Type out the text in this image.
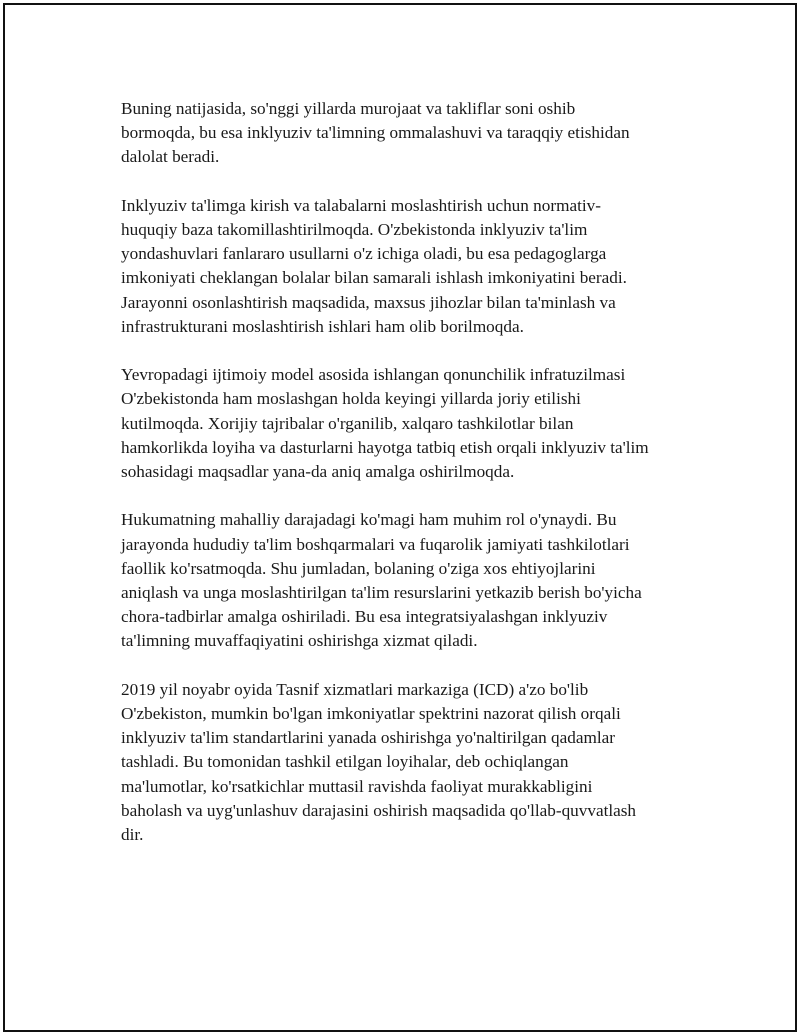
Buning natijasida, so'nggi yillarda murojaat va takliflar soni oshib
bormoqda, bu esa inklyuziv ta'limning ommalashuvi va taraqqiy etishidan
dalolat beradi.

Inklyuziv ta'limga kirish va talabalarni moslashtirish uchun normativ-
huquqiy baza takomillashtirilmoqda. O'zbekistonda inklyuziv ta'lim
yondashuvlari fanlararo usullarni o'z ichiga oladi, bu esa pedagoglarga
imkoniyati cheklangan bolalar bilan samarali ishlash imkoniyatini beradi.
Jarayonni osonlashtirish maqsadida, maxsus jihozlar bilan ta'minlash va
infrastrukturani moslashtirish ishlari ham olib borilmoqda.

Yevropadagi ijtimoiy model asosida ishlangan qonunchilik infratuzilmasi
O'zbekistonda ham moslashgan holda keyingi yillarda joriy etilishi
kutilmoqda. Xorijiy tajribalar o'rganilib, xalqaro tashkilotlar bilan
hamkorlikda loyiha va dasturlarni hayotga tatbiq etish orqali inklyuziv ta'lim
sohasidagi maqsadlar yana-da aniq amalga oshirilmoqda.

Hukumatning mahalliy darajadagi ko'magi ham muhim rol o'ynaydi. Bu
jarayonda hududiy ta'lim boshqarmalari va fuqarolik jamiyati tashkilotlari
faollik ko'rsatmoqda. Shu jumladan, bolaning o'ziga xos ehtiyojlarini
aniqlash va unga moslashtirilgan ta'lim resurslarini yetkazib berish bo'yicha
chora-tadbirlar amalga oshiriladi. Bu esa integratsiyalashgan inklyuziv
ta'limning muvaffaqiyatini oshirishga xizmat qiladi.

2019 yil noyabr oyida Tasnif xizmatlari markaziga (ICD) a'zo bo'lib
O'zbekiston, mumkin bo'lgan imkoniyatlar spektrini nazorat qilish orqali
inklyuziv ta'lim standartlarini yanada oshirishga yo'naltirilgan qadamlar
tashladi. Bu tomonidan tashkil etilgan loyihalar, deb ochiqlangan
ma'lumotlar, ko'rsatkichlar muttasil ravishda faoliyat murakkabligini
baholash va uyg'unlashuv darajasini oshirish maqsadida qo'llab-quvvatlash
dir.
